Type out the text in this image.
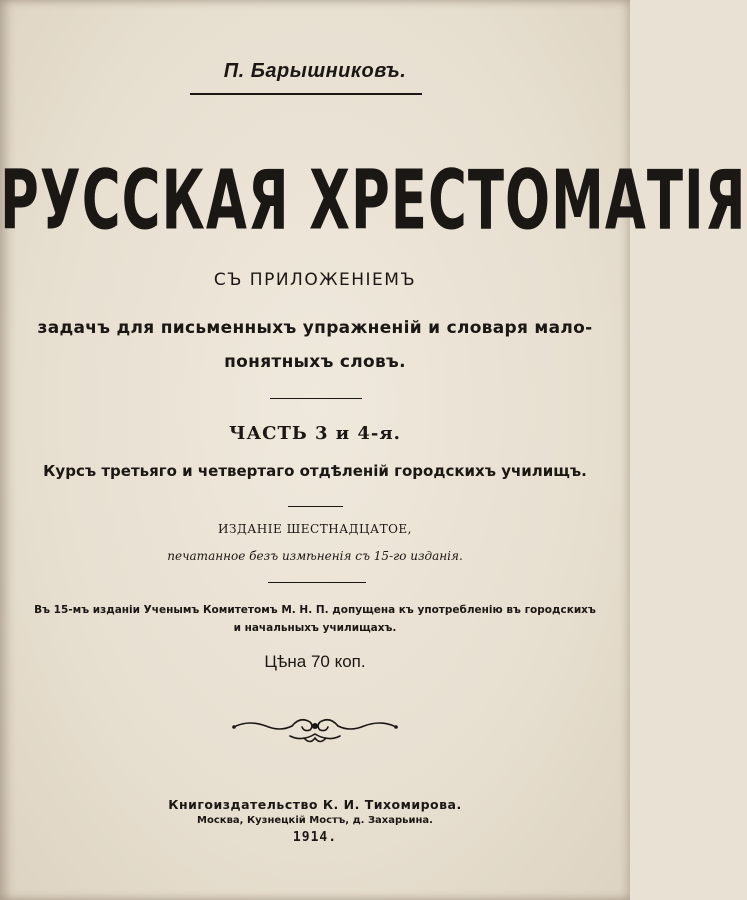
П. Барышниковъ.
РУССКАЯ ХРЕСТОМАТІЯ
СЪ ПРИЛОЖЕНІЕМЪ
задачъ для письменныхъ упражненій и словаря мало-
понятныхъ словъ.
ЧАСТЬ 3 и 4-я.
Курсъ третьяго и четвертаго отдѣленій городскихъ училищъ.
ИЗДАНІЕ ШЕСТНАДЦАТОЕ,
печатанное безъ измѣненія съ 15-го изданія.
Въ 15-мъ изданіи Ученымъ Комитетомъ М. Н. П. допущена къ употребленію въ городскихъ
и начальныхъ училищахъ.
Цѣна 70 коп.
Книгоиздательство К. И. Тихомирова.
Москва, Кузнецкій Мостъ, д. Захарьина.
1914.
